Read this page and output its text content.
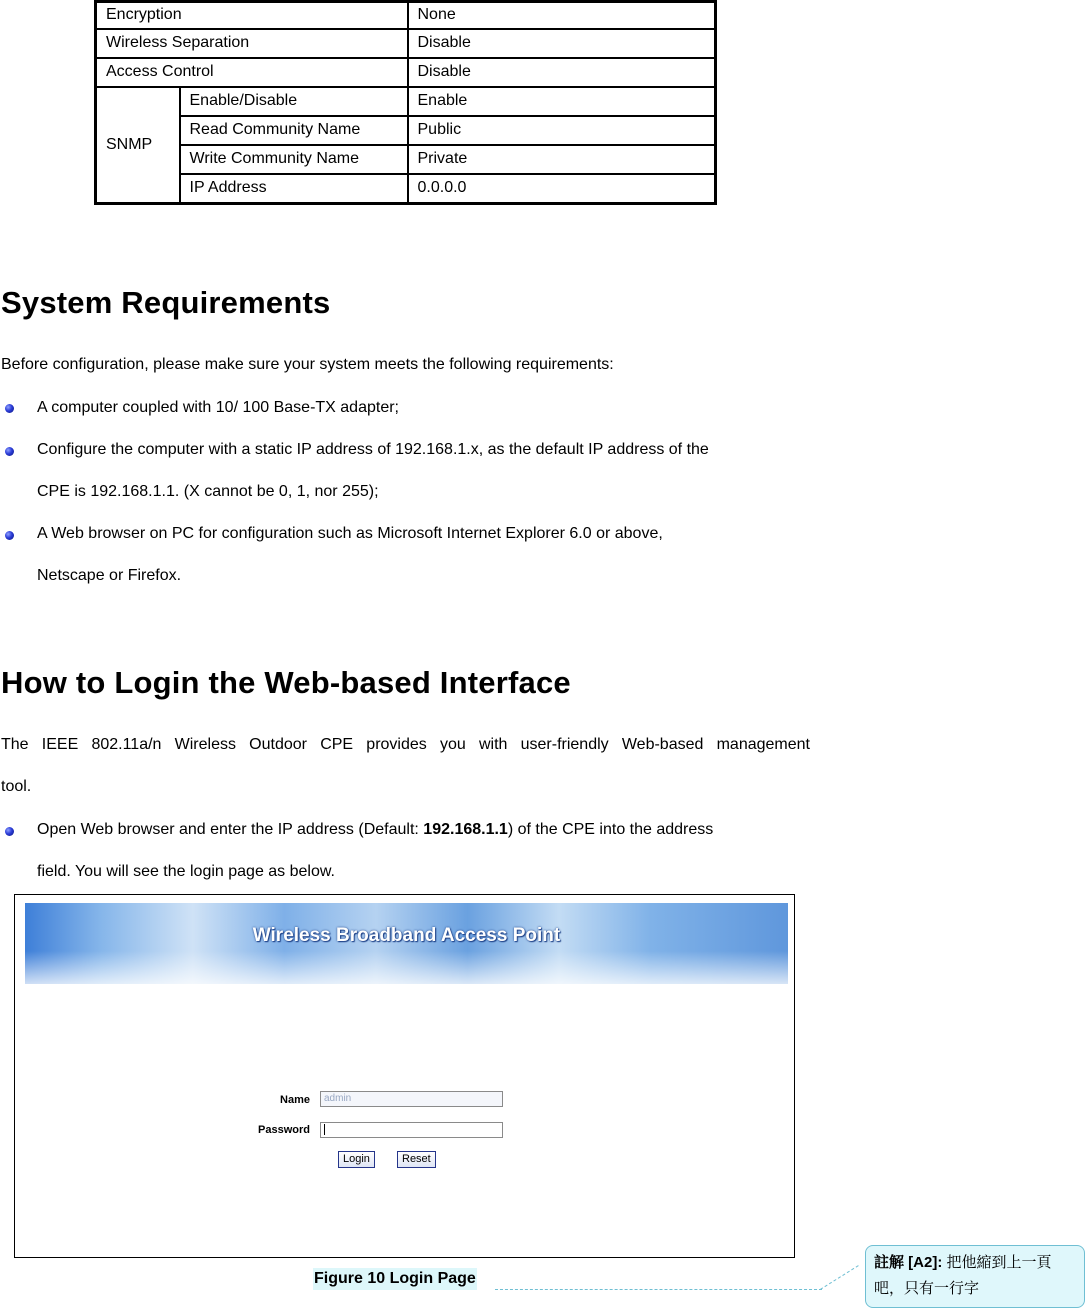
Encryption		None
Wireless Separation		Disable
Access Control		Disable
SNMP	Enable/Disable	Enable
	Read Community Name	Public
	Write Community Name	Private
	IP Address	0.0.0.0
System Requirements
Before configuration, please make sure your system meets the following requirements:
A computer coupled with 10/ 100 Base-TX adapter;
Configure the computer with a static IP address of 192.168.1.x, as the default IP address of the
CPE is 192.168.1.1. (X cannot be 0, 1, nor 255);
A Web browser on PC for configuration such as Microsoft Internet Explorer 6.0 or above,
Netscape or Firefox.
How to Login the Web-based Interface
The IEEE 802.11a/n Wireless Outdoor CPE provides you with user-friendly Web-based management
tool.
Open Web browser and enter the IP address (Default: 192.168.1.1) of the CPE into the address
field. You will see the login page as below.
Wireless Broadband Access Point
Name	admin
Password
Login	Reset
Figure 10 Login Page
註解 [A2]: 把他縮到上一頁
吧，只有一行字
